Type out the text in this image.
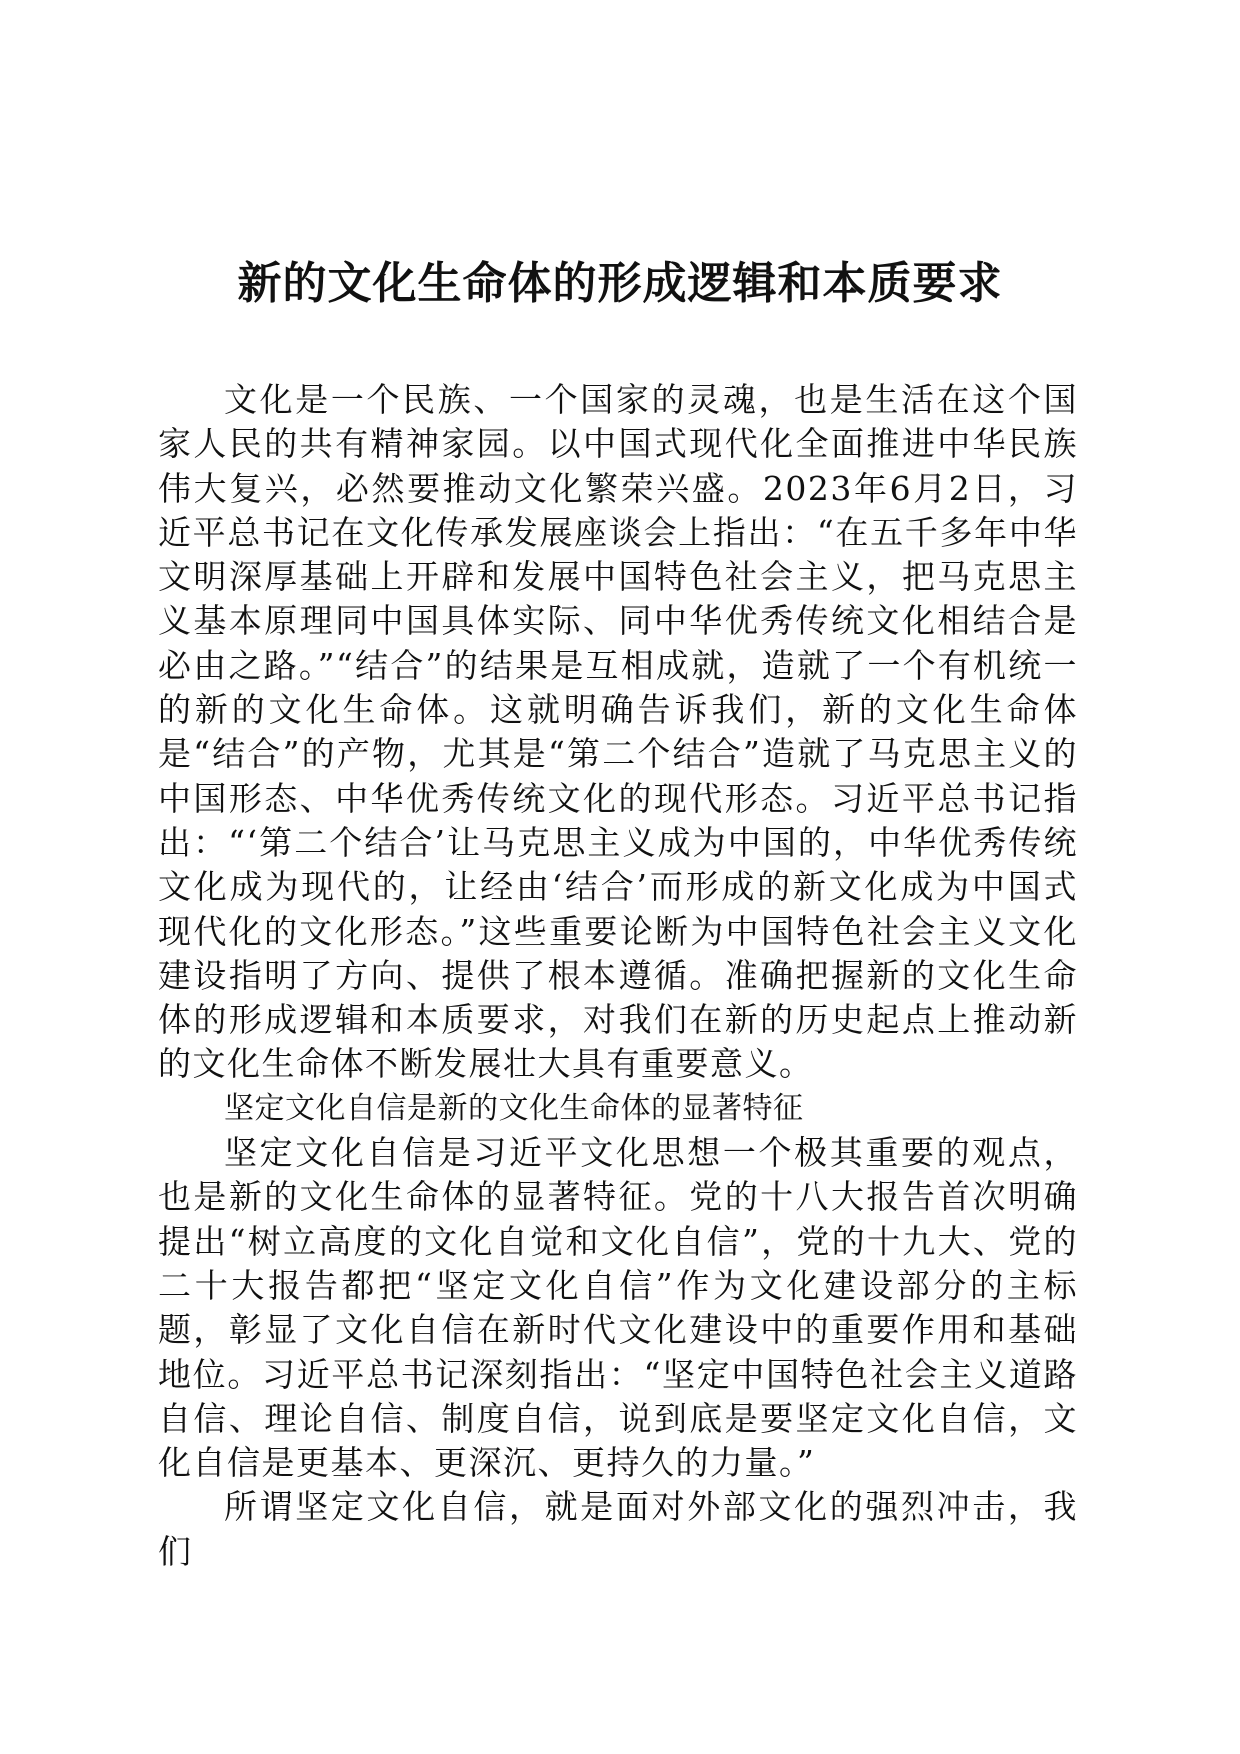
新的文化生命体的形成逻辑和本质要求

文化是一个民族、一个国家的灵魂，也是生活在这个国家人民的共有精神家园。以中国式现代化全面推进中华民族伟大复兴，必然要推动文化繁荣兴盛。2023年6月2日，习近平总书记在文化传承发展座谈会上指出：“在五千多年中华文明深厚基础上开辟和发展中国特色社会主义，把马克思主义基本原理同中国具体实际、同中华优秀传统文化相结合是必由之路。”“结合”的结果是互相成就，造就了一个有机统一的新的文化生命体。这就明确告诉我们，新的文化生命体是“结合”的产物，尤其是“第二个结合”造就了马克思主义的中国形态、中华优秀传统文化的现代形态。习近平总书记指出：“‘第二个结合’让马克思主义成为中国的，中华优秀传统文化成为现代的，让经由‘结合’而形成的新文化成为中国式现代化的文化形态。”这些重要论断为中国特色社会主义文化建设指明了方向、提供了根本遵循。准确把握新的文化生命体的形成逻辑和本质要求，对我们在新的历史起点上推动新的文化生命体不断发展壮大具有重要意义。

坚定文化自信是新的文化生命体的显著特征

坚定文化自信是习近平文化思想一个极其重要的观点，也是新的文化生命体的显著特征。党的十八大报告首次明确提出“树立高度的文化自觉和文化自信”，党的十九大、党的二十大报告都把“坚定文化自信”作为文化建设部分的主标题，彰显了文化自信在新时代文化建设中的重要作用和基础地位。习近平总书记深刻指出：“坚定中国特色社会主义道路自信、理论自信、制度自信，说到底是要坚定文化自信，文化自信是更基本、更深沉、更持久的力量。”

所谓坚定文化自信，就是面对外部文化的强烈冲击，我们
